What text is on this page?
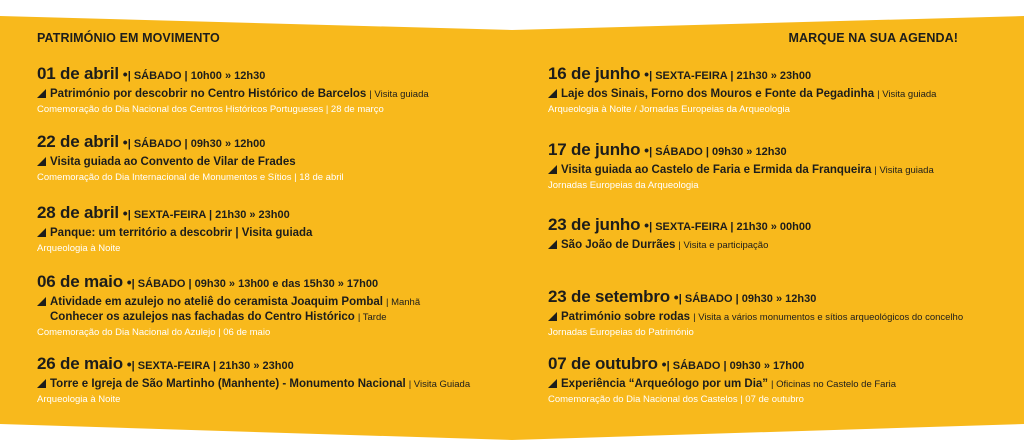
PATRIMÓNIO EM MOVIMENTO
01 de abril •| SÁBADO | 10h00 » 12h30
Património por descobrir no Centro Histórico de Barcelos | Visita guiada
Comemoração do Dia Nacional dos Centros Históricos Portugueses | 28 de março
22 de abril •| SÁBADO | 09h30 » 12h00
Visita guiada ao Convento de Vilar de Frades
Comemoração do Dia Internacional de Monumentos e Sítios | 18 de abril
28 de abril •| SEXTA-FEIRA | 21h30 » 23h00
Panque: um território a descobrir | Visita guiada
Arqueologia à Noite
06 de maio •| SÁBADO | 09h30 » 13h00 e das 15h30 » 17h00
Atividade em azulejo no ateliê do ceramista Joaquim Pombal | Manhã
Conhecer os azulejos nas fachadas do Centro Histórico | Tarde
Comemoração do Dia Nacional do Azulejo | 06 de maio
26 de maio •| SEXTA-FEIRA | 21h30 » 23h00
Torre e Igreja de São Martinho (Manhente) - Monumento Nacional | Visita Guiada
Arqueologia à Noite
MARQUE NA SUA AGENDA!
16 de junho •| SEXTA-FEIRA | 21h30 » 23h00
Laje dos Sinais, Forno dos Mouros e Fonte da Pegadinha | Visita guiada
Arqueologia à Noite / Jornadas Europeias da Arqueologia
17 de junho •| SÁBADO | 09h30 » 12h30
Visita guiada ao Castelo de Faria e Ermida da Franqueira | Visita guiada
Jornadas Europeias da Arqueologia
23 de junho •| SEXTA-FEIRA | 21h30 » 00h00
São João de Durrães | Visita e participação
23 de setembro •| SÁBADO | 09h30 » 12h30
Património sobre rodas | Visita a vários monumentos e sítios arqueológicos do concelho
Jornadas Europeias do Património
07 de outubro •| SÁBADO | 09h30 » 17h00
Experiência “Arqueólogo por um Dia” | Oficinas no Castelo de Faria
Comemoração do Dia Nacional dos Castelos | 07 de outubro
